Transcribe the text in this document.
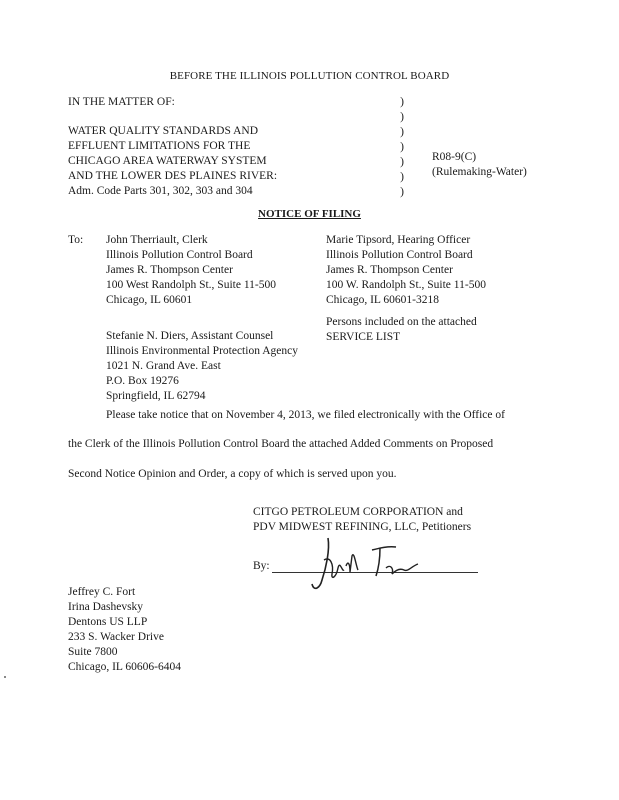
BEFORE THE ILLINOIS POLLUTION CONTROL BOARD
IN THE MATTER OF:
WATER QUALITY STANDARDS AND
EFFLUENT LIMITATIONS FOR THE
CHICAGO AREA WATERWAY SYSTEM
AND THE LOWER DES PLAINES RIVER:
Adm. Code Parts 301, 302, 303 and 304
)
)
)
)
)
)
)
R08-9(C)
(Rulemaking-Water)
NOTICE OF FILING
To: John Therriault, Clerk
Illinois Pollution Control Board
James R. Thompson Center
100 West Randolph St., Suite 11-500
Chicago, IL 60601
Marie Tipsord, Hearing Officer
Illinois Pollution Control Board
James R. Thompson Center
100 W. Randolph St., Suite 11-500
Chicago, IL 60601-3218
Persons included on the attached
SERVICE LIST
Stefanie N. Diers, Assistant Counsel
Illinois Environmental Protection Agency
1021 N. Grand Ave. East
P.O. Box 19276
Springfield, IL 62794
Please take notice that on November 4, 2013, we filed electronically with the Office of
the Clerk of the Illinois Pollution Control Board the attached Added Comments on Proposed
Second Notice Opinion and Order, a copy of which is served upon you.
CITGO PETROLEUM CORPORATION and
PDV MIDWEST REFINING, LLC, Petitioners
By:
Jeffrey C. Fort
Irina Dashevsky
Dentons US LLP
233 S. Wacker Drive
Suite 7800
Chicago, IL 60606-6404
